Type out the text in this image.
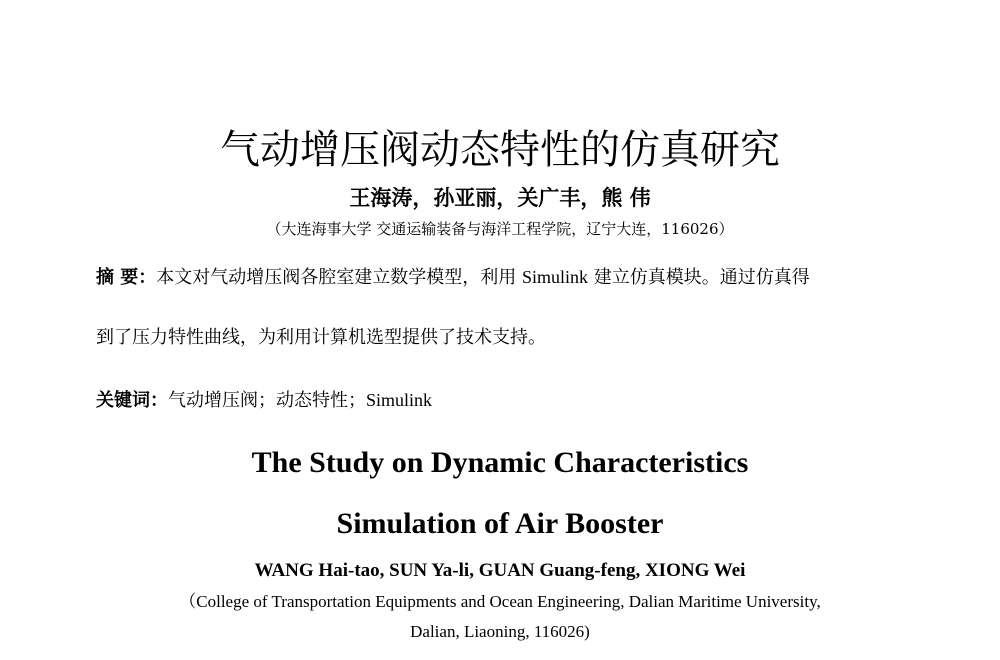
气动增压阀动态特性的仿真研究
王海涛，孙亚丽，关广丰，熊 伟
（大连海事大学 交通运输装备与海洋工程学院，辽宁大连，116026）
摘 要：本文对气动增压阀各腔室建立数学模型，利用 Simulink 建立仿真模块。通过仿真得
到了压力特性曲线，为利用计算机选型提供了技术支持。
关键词：气动增压阀；动态特性；Simulink
The Study on Dynamic Characteristics
Simulation of Air Booster
WANG Hai-tao, SUN Ya-li, GUAN Guang-feng, XIONG Wei
（College of Transportation Equipments and Ocean Engineering, Dalian Maritime University,
Dalian, Liaoning, 116026)
